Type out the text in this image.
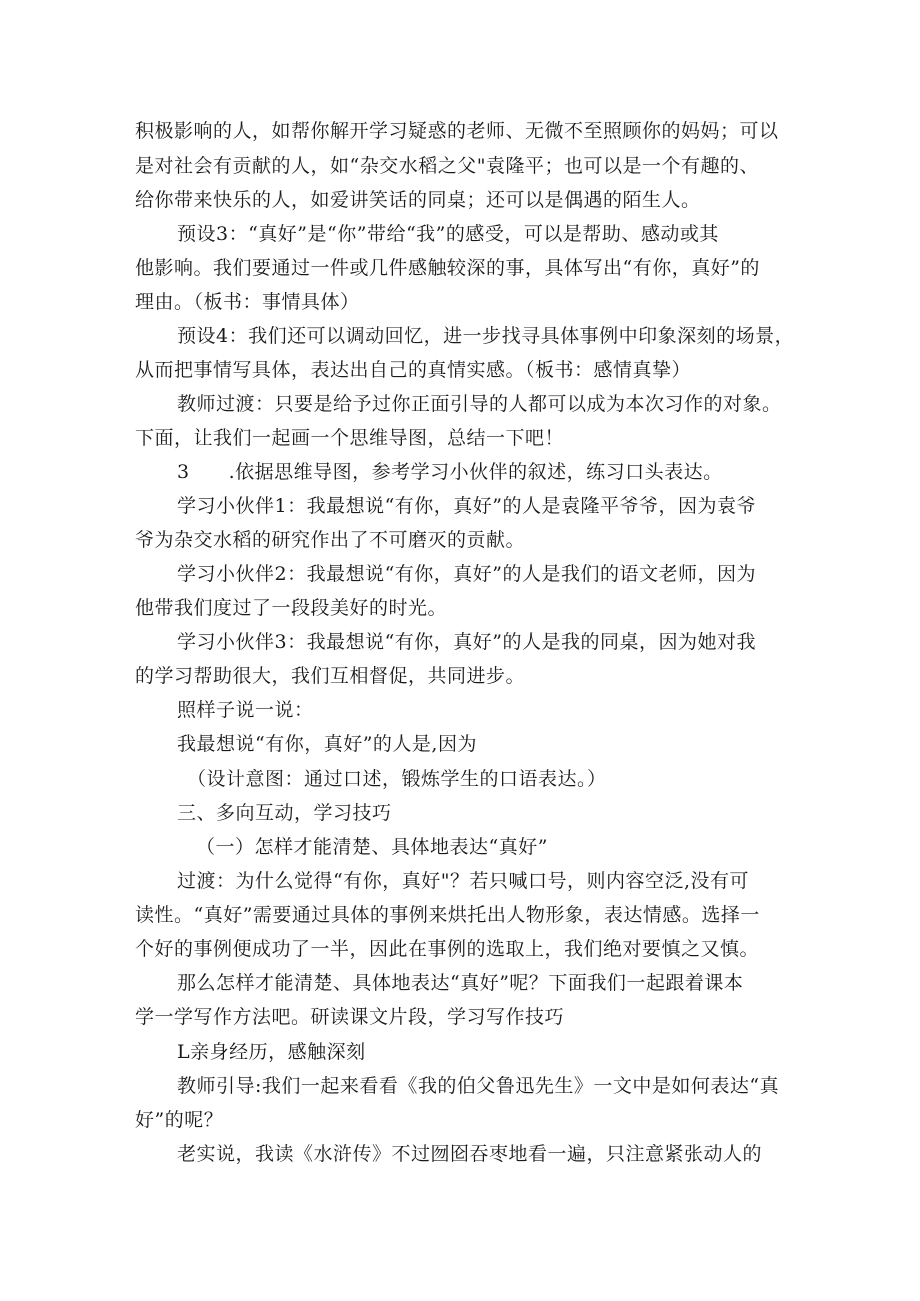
积极影响的人，如帮你解开学习疑惑的老师、无微不至照顾你的妈妈；可以
是对社会有贡献的人，如“杂交水稻之父"袁隆平；也可以是一个有趣的、
给你带来快乐的人，如爱讲笑话的同桌；还可以是偶遇的陌生人。
预设3：“真好”是“你”带给“我”的感受，可以是帮助、感动或其
他影响。我们要通过一件或几件感触较深的事，具体写出“有你，真好”的
理由。（板书：事情具体）
预设4：我们还可以调动回忆，进一步找寻具体事例中印象深刻的场景，
从而把事情写具体，表达出自己的真情实感。（板书：感情真挚）
教师过渡：只要是给予过你正面引导的人都可以成为本次习作的对象。
下面，让我们一起画一个思维导图，总结一下吧！
3　　.依据思维导图，参考学习小伙伴的叙述，练习口头表达。
学习小伙伴1：我最想说“有你，真好”的人是袁隆平爷爷，因为袁爷
爷为杂交水稻的研究作出了不可磨灭的贡献。
学习小伙伴2：我最想说“有你，真好”的人是我们的语文老师，因为
他带我们度过了一段段美好的时光。
学习小伙伴3：我最想说“有你，真好”的人是我的同桌，因为她对我
的学习帮助很大，我们互相督促，共同进步。
照样子说一说：
我最想说“有你，真好”的人是,因为
（设计意图：通过口述，锻炼学生的口语表达。）
三、多向互动，学习技巧
（一）怎样才能清楚、具体地表达“真好”
过渡：为什么觉得“有你，真好"？若只喊口号，则内容空泛,没有可
读性。“真好”需要通过具体的事例来烘托出人物形象，表达情感。选择一
个好的事例便成功了一半，因此在事例的选取上，我们绝对要慎之又慎。
那么怎样才能清楚、具体地表达“真好”呢？下面我们一起跟着课本
学一学写作方法吧。研读课文片段，学习写作技巧
L亲身经历，感触深刻
教师引导:我们一起来看看《我的伯父鲁迅先生》一文中是如何表达“真
好”的呢？
老实说，我读《水浒传》不过囫囵吞枣地看一遍，只注意紧张动人的
